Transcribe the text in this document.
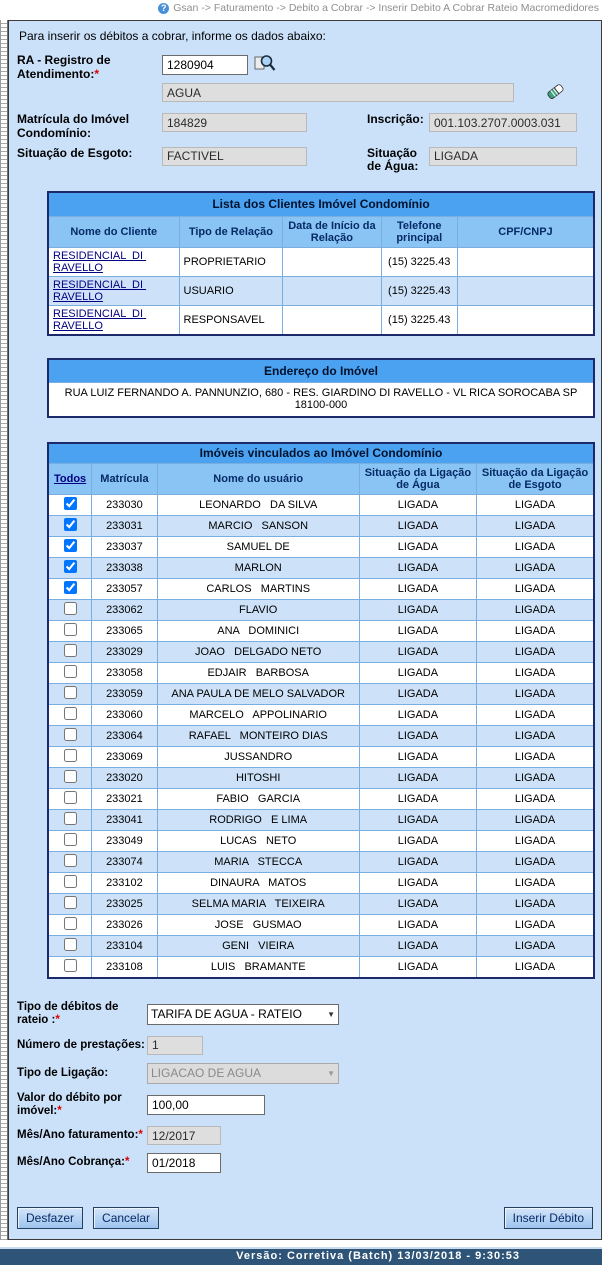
? Gsan -> Faturamento -> Debito a Cobrar -> Inserir Debito A Cobrar Rateio Macromedidores
Para inserir os débitos a cobrar, informe os dados abaixo:
RA - Registro de Atendimento:*
1280904
AGUA
Matrícula do Imóvel Condomínio:
184829
Inscrição:
001.103.2707.0003.031
Situação de Esgoto:
FACTIVEL	Situação de Água:
LIGADA
Lista dos Clientes Imóvel Condomínio				
Nome do Cliente	Tipo de Relação	Data de Início da Relação	Telefone principal	CPF/CNPJ
RESIDENCIAL  DI RAVELLO	PROPRIETARIO		(15) 3225.43	
RESIDENCIAL  DI RAVELLO	USUARIO		(15) 3225.43	
RESIDENCIAL  DI RAVELLO	RESPONSAVEL		(15) 3225.43	
Endereço do Imóvel
RUA LUIZ FERNANDO A. PANNUNZIO, 680 - RES. GIARDINO DI RAVELLO - VL RICA SOROCABA SP 18100-000
Imóveis vinculados ao Imóvel Condomínio				
Todos	Matrícula	Nome do usuário	Situação da Ligação de Água	Situação da Ligação de Esgoto
	233030	LEONARDO   DA SILVA	LIGADA	LIGADA
	233031	MARCIO   SANSON	LIGADA	LIGADA
	233037	SAMUEL DE	LIGADA	LIGADA
	233038	MARLON	LIGADA	LIGADA
	233057	CARLOS   MARTINS	LIGADA	LIGADA
	233062	FLAVIO	LIGADA	LIGADA
	233065	ANA   DOMINICI	LIGADA	LIGADA
	233029	JOAO   DELGADO NETO	LIGADA	LIGADA
	233058	EDJAIR   BARBOSA	LIGADA	LIGADA
	233059	ANA PAULA DE MELO SALVADOR	LIGADA	LIGADA
	233060	MARCELO   APPOLINARIO	LIGADA	LIGADA
	233064	RAFAEL   MONTEIRO DIAS	LIGADA	LIGADA
	233069	JUSSANDRO	LIGADA	LIGADA
	233020	HITOSHI	LIGADA	LIGADA
	233021	FABIO   GARCIA	LIGADA	LIGADA
	233041	RODRIGO   E LIMA	LIGADA	LIGADA
	233049	LUCAS   NETO	LIGADA	LIGADA
	233074	MARIA   STECCA	LIGADA	LIGADA
	233102	DINAURA   MATOS	LIGADA	LIGADA
	233025	SELMA MARIA   TEIXEIRA	LIGADA	LIGADA
	233026	JOSE   GUSMAO	LIGADA	LIGADA
	233104	GENI   VIEIRA	LIGADA	LIGADA
	233108	LUIS   BRAMANTE	LIGADA	LIGADA
Tipo de débitos de rateio :*	TARIFA DE AGUA - RATEIO	▼
Número de prestações:
1
Tipo de Ligação:	LIGACAO DE AGUA	▼
Valor do débito por imóvel:*
100,00
Mês/Ano faturamento:*
12/2017
Mês/Ano Cobrança:*
01/2018
Desfazer	Cancelar	Inserir Débito
Versão: Corretiva (Batch) 13/03/2018 - 9:30:53
